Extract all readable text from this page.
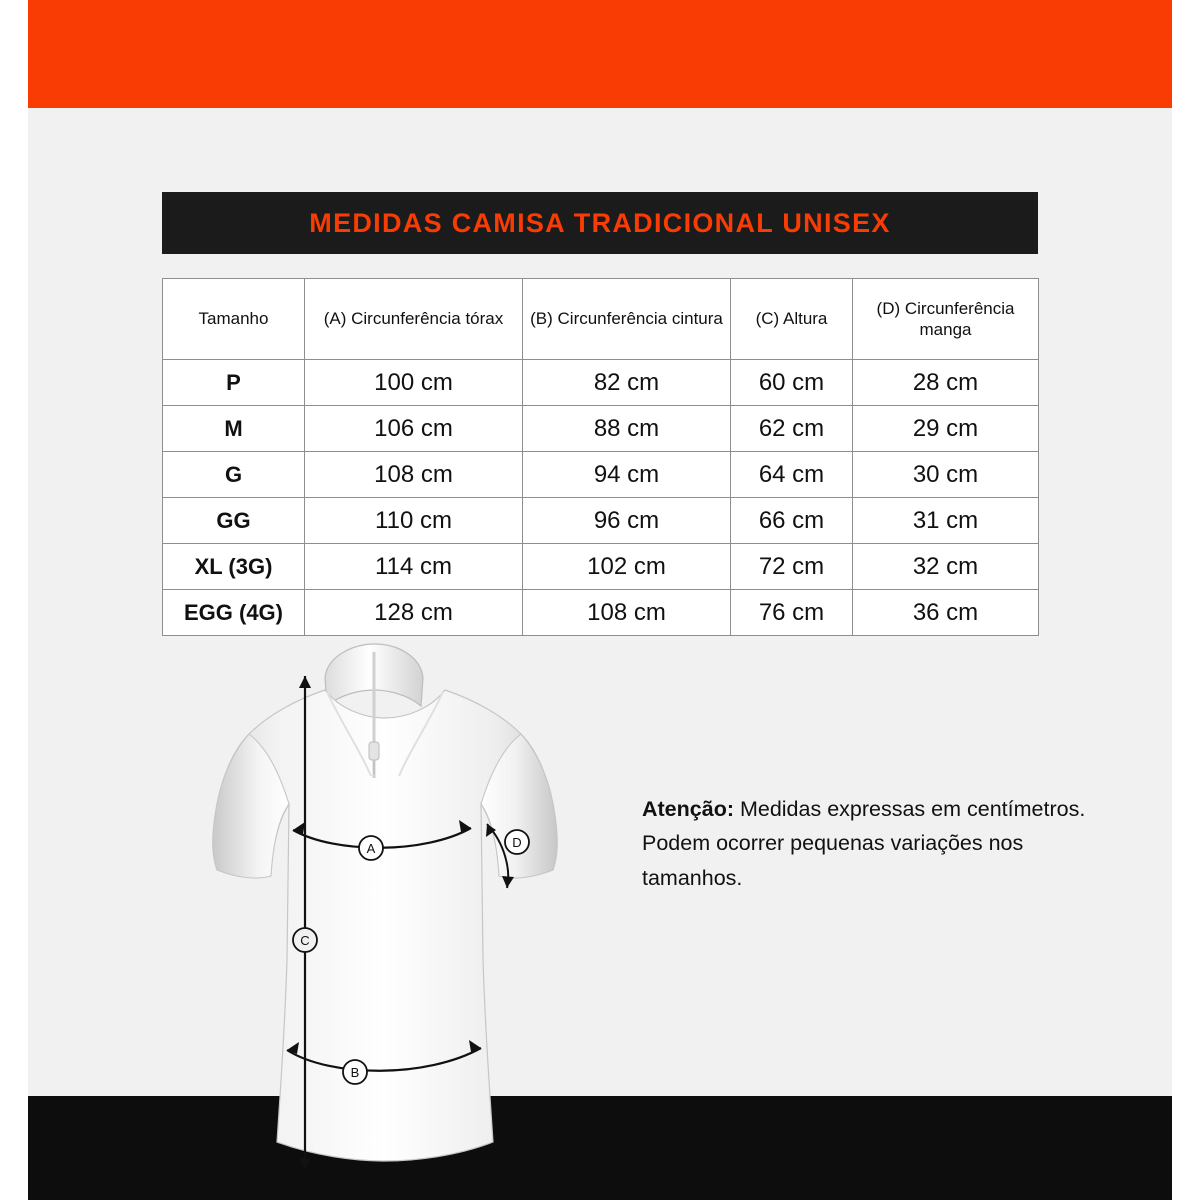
MEDIDAS CAMISA TRADICIONAL UNISEX
Tamanho	(A) Circunferência tórax	(B) Circunferência cintura	(C) Altura	(D) Circunferência manga
P	100 cm	82 cm	60 cm	28 cm
M	106 cm	88 cm	62 cm	29 cm
G	108 cm	94 cm	64 cm	30 cm
GG	110 cm	96 cm	66 cm	31 cm
XL (3G)	114 cm	102 cm	72 cm	32 cm
EGG (4G)	128 cm	108 cm	76 cm	36 cm
Atenção: Medidas expressas em centímetros. Podem ocorrer pequenas variações nos tamanhos.
A
B
C
D
